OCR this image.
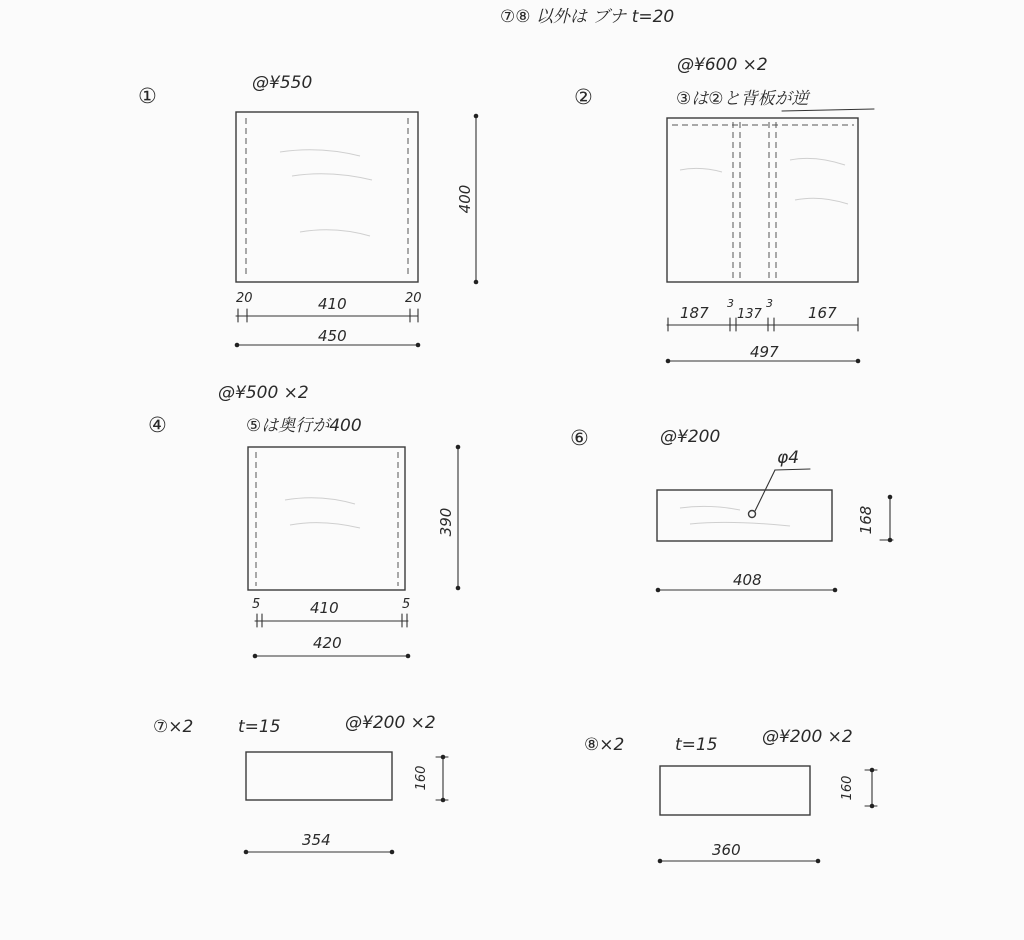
⑦⑧ 以外は ブナ t=20
①
@¥550
400
20	410	20
450
②
@¥600 ×2
③は②と背板が逆
187
3
137
3
167
497
@¥500 ×2
④	⑤は奥行が400
390
5	410	5
420
⑥	@¥200
φ4
168
408
⑦×2	t=15	@¥200 ×2
160
354
⑧×2	t=15	@¥200 ×2
160
360
